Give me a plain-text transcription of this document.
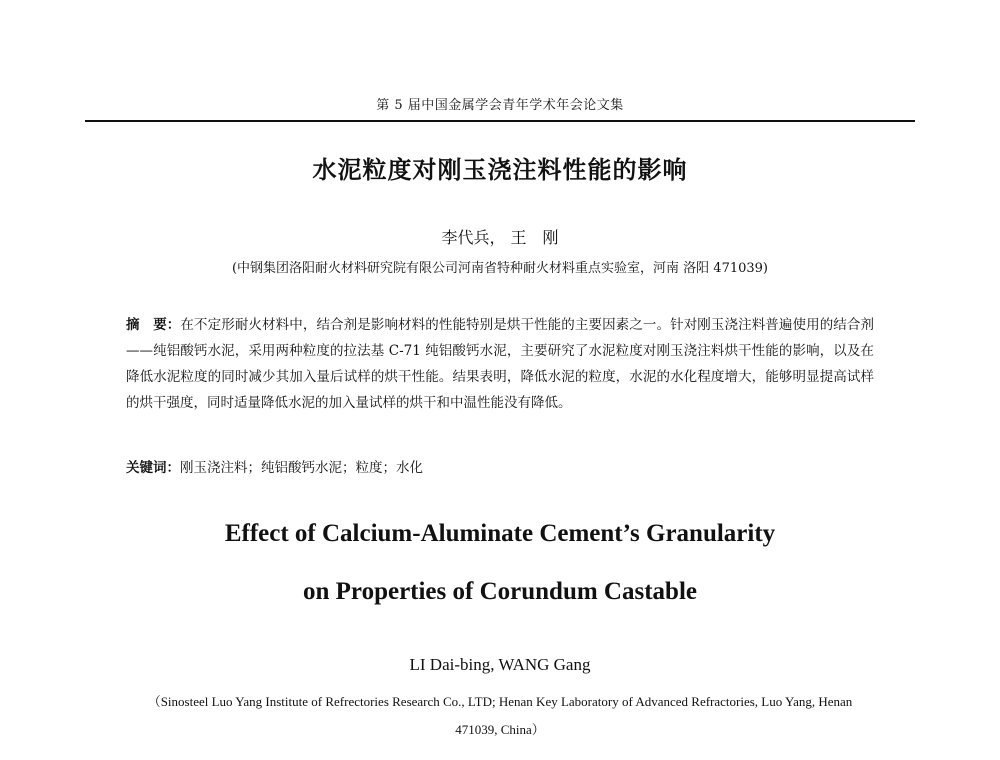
第 5 届中国金属学会青年学术年会论文集
水泥粒度对刚玉浇注料性能的影响
李代兵， 王　刚
(中钢集团洛阳耐火材料研究院有限公司河南省特种耐火材料重点实验室，河南 洛阳 471039)
摘　要：在不定形耐火材料中，结合剂是影响材料的性能特别是烘干性能的主要因素之一。针对刚玉浇注料普遍使用的结合剂——纯铝酸钙水泥，采用两种粒度的拉法基 C-71 纯铝酸钙水泥，主要研究了水泥粒度对刚玉浇注料烘干性能的影响，以及在降低水泥粒度的同时减少其加入量后试样的烘干性能。结果表明，降低水泥的粒度，水泥的水化程度增大，能够明显提高试样的烘干强度，同时适量降低水泥的加入量试样的烘干和中温性能没有降低。
关键词：刚玉浇注料；纯铝酸钙水泥；粒度；水化
Effect of Calcium-Aluminate Cement’s Granularity
on Properties of Corundum Castable
LI Dai-bing, WANG Gang
（Sinosteel Luo Yang Institute of Refrectories Research Co., LTD; Henan Key Laboratory of Advanced Refractories, Luo Yang, Henan 471039, China）
